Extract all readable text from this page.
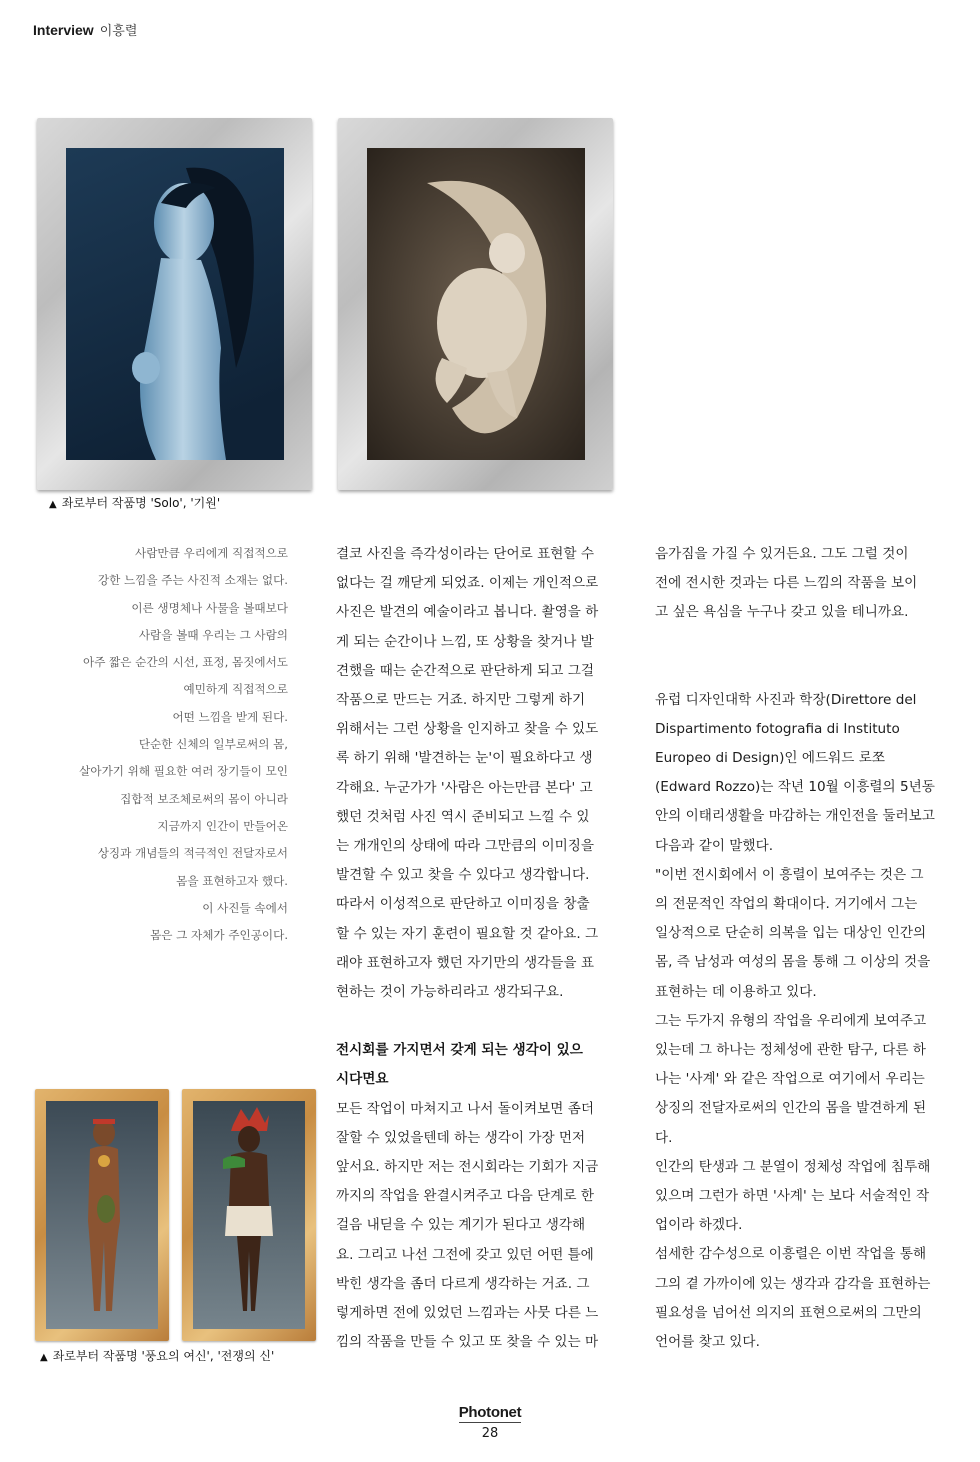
Interview 이흥렬
▲ 좌로부터 작품명 'Solo', '기원'
사람만큼 우리에게 직접적으로
강한 느낌을 주는 사진적 소재는 없다.
이른 생명체나 사물을 볼때보다
사람을 볼때 우리는 그 사람의
아주 짧은 순간의 시선, 표정, 몸짓에서도
예민하게 직접적으로
어떤 느낌을 받게 된다.
단순한 신체의 일부로써의 몸,
살아가기 위해 필요한 여러 장기들이 모인
집합적 보조체로써의 몸이 아니라
지금까지 인간이 만들어온
상징과 개념들의 적극적인 전달자로서
몸을 표현하고자 했다.
이 사진들 속에서
몸은 그 자체가 주인공이다.
▲ 좌로부터 작품명 '풍요의 여신', '전쟁의 신'

결코 사진을 즉각성이라는 단어로 표현할 수
없다는 걸 깨닫게 되었죠. 이제는 개인적으로
사진은 발견의 예술이라고 봅니다. 촬영을 하
게 되는 순간이나 느낌, 또 상황을 찾거나 발
견했을 때는 순간적으로 판단하게 되고 그걸
작품으로 만드는 거죠. 하지만 그렇게 하기
위해서는 그런 상황을 인지하고 찾을 수 있도
록 하기 위해 '발견하는 눈'이 필요하다고 생
각해요. 누군가가 '사람은 아는만큼 본다' 고
했던 것처럼 사진 역시 준비되고 느낄 수 있
는 개개인의 상태에 따라 그만큼의 이미징을
발견할 수 있고 찾을 수 있다고 생각합니다.
따라서 이성적으로 판단하고 이미징을 창출
할 수 있는 자기 훈련이 필요할 것 같아요. 그
래야 표현하고자 했던 자기만의 생각들을 표
현하는 것이 가능하리라고 생각되구요.

전시회를 가지면서 갖게 되는 생각이 있으
시다면요

모든 작업이 마쳐지고 나서 돌이켜보면 좀더
잘할 수 있었을텐데 하는 생각이 가장 먼저
앞서요. 하지만 저는 전시회라는 기회가 지금
까지의 작업을 완결시켜주고 다음 단계로 한
걸음 내딛을 수 있는 계기가 된다고 생각해
요. 그리고 나선 그전에 갖고 있던 어떤 틀에
박힌 생각을 좀더 다르게 생각하는 거죠. 그
렇게하면 전에 있었던 느낌과는 사뭇 다른 느
낌의 작품을 만들 수 있고 또 찾을 수 있는 마

음가짐을 가질 수 있거든요. 그도 그럴 것이
전에 전시한 것과는 다른 느낌의 작품을 보이
고 싶은 욕심을 누구나 갖고 있을 테니까요.

유럽 디자인대학 사진과 학장(Direttore del
Dispartimento fotografia di Instituto
Europeo di Design)인 에드워드 로쪼
(Edward Rozzo)는 작년 10월 이흥렬의 5년동
안의 이태리생활을 마감하는 개인전을 둘러보고
다음과 같이 말했다.
"이번 전시회에서 이 흥렬이 보여주는 것은 그
의 전문적인 작업의 확대이다. 거기에서 그는
일상적으로 단순히 의복을 입는 대상인 인간의
몸, 즉 남성과 여성의 몸을 통해 그 이상의 것을
표현하는 데 이용하고 있다.
그는 두가지 유형의 작업을 우리에게 보여주고
있는데 그 하나는 정체성에 관한 탐구, 다른 하
나는 '사계' 와 같은 작업으로 여기에서 우리는
상징의 전달자로써의 인간의 몸을 발견하게 된
다.
인간의 탄생과 그 분열이 정체성 작업에 침투해
있으며 그런가 하면 '사계' 는 보다 서술적인 작
업이라 하겠다.
섬세한 감수성으로 이흥렬은 이번 작업을 통해
그의 곁 가까이에 있는 생각과 감각을 표현하는
필요성을 넘어선 의지의 표현으로써의 그만의
언어를 찾고 있다.

Photonet
28
